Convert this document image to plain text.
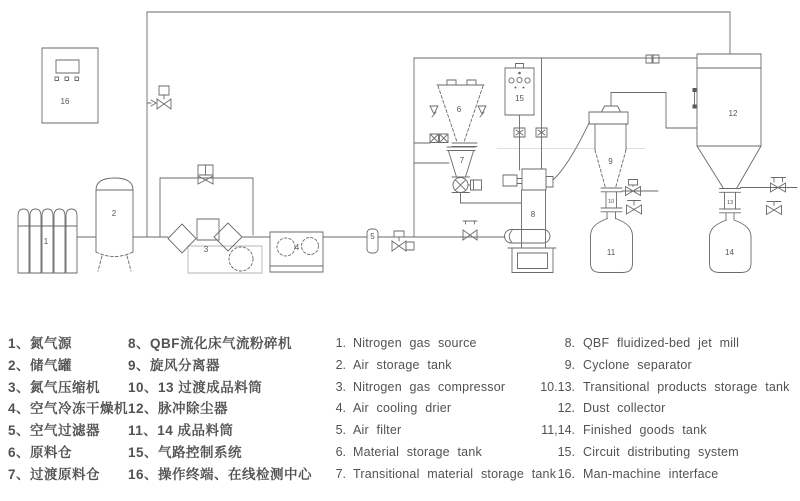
16
1
2
3	4
5
6
7
8
9
10
11
12
13
14
15
1、氮气源
2、储气罐
3、氮气压缩机
4、空气冷冻干燥机
5、空气过滤器
6、原料仓
7、过渡原料仓
8、QBF流化床气流粉碎机
9、旋风分离器
10、13 过渡成品料筒
12、脉冲除尘器
11、14 成品料筒
15、气路控制系统
16、操作终端、在线检测中心
1. Nitrogen gas source
2. Air storage tank
3. Nitrogen gas compressor
4. Air cooling drier
5. Air filter
6. Material storage tank
7. Transitional material storage tank
8. QBF fluidized-bed jet mill
9. Cyclone separator
10.13. Transitional products storage tank
12. Dust collector
11,14. Finished goods tank
15. Circuit distributing system
16. Man-machine interface
